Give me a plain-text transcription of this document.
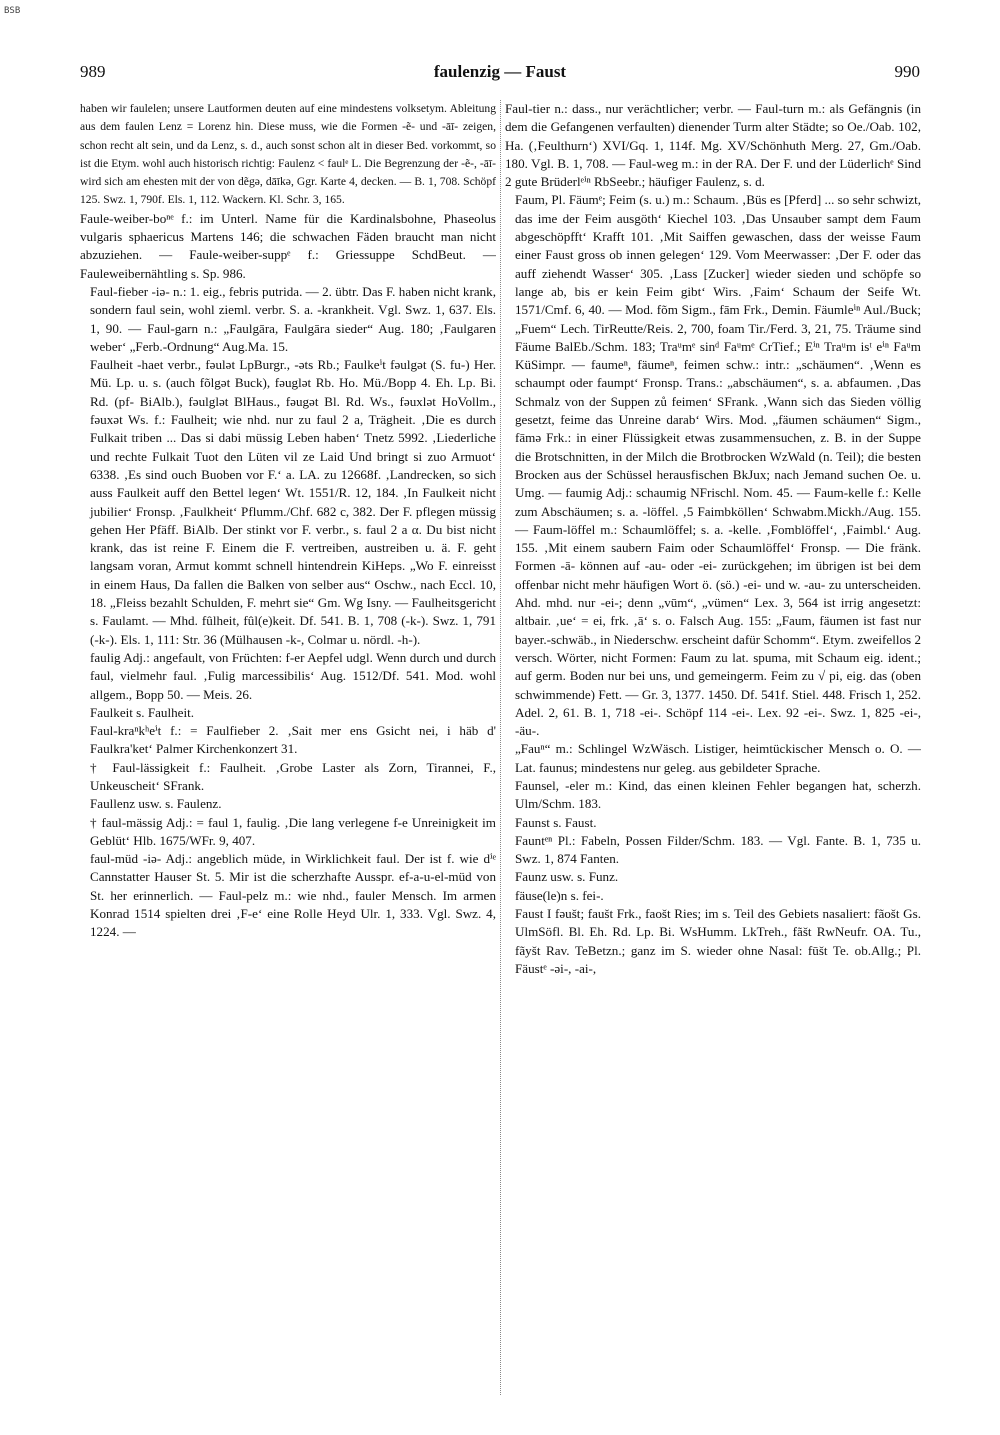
BSB
989	faulenzig — Faust	990

haben wir faulelen; unsere Lautformen deuten auf eine mindestens volksetym. Ableitung aus dem faulen Lenz = Lorenz hin. Diese muss, wie die Formen -ẽ- und -āī- zeigen, schon recht alt sein, und da Lenz, s. d., auch sonst schon alt in dieser Bed. vorkommt, so ist die Etym. wohl auch historisch richtig: Faulenz < faulᵉ L. Die Begrenzung der -ẽ-, -āī- wird sich am ehesten mit der von dẽgə, dāīkə, Ggr. Karte 4, decken. — B. 1, 708. Schöpf 125. Swz. 1, 790f. Els. 1, 112. Wackern. Kl. Schr. 3, 165.

Faule-weiber-boⁿᵉ f.: im Unterl. Name für die Kardinalsbohne, Phaseolus vulgaris sphaericus Martens 146; die schwachen Fäden braucht man nicht abzuziehen. — Faule-weiber-suppᵉ f.: Griessuppe SchdBeut. — Fauleweibernähtling s. Sp. 986.

Faul-fieber -iə- n.: 1. eig., febris putrida. — 2. übtr. Das F. haben nicht krank, sondern faul sein, wohl zieml. verbr. S. a. -krankheit. Vgl. Swz. 1, 637. Els. 1, 90. — Faul-garn n.: „Faulgāra, Faulgāra sieder“ Aug. 180; ‚Faulgaren weber‘ „Ferb.-Ordnung“ Aug.Ma. 15.

Faulheit -haet verbr., fəulət LpBurgr., -əts Rb.; Faulkeⁱt fəulgət (S. fu-) Her. Mü. Lp. u. s. (auch fõlgət Buck), fəuglət Rb. Ho. Mü./Bopp 4. Eh. Lp. Bi. Rd. (pf- BiAlb.), fəulglət BlHaus., fəugət Bl. Rd. Ws., fəuxlət HoVollm., fəuxət Ws. f.: Faulheit; wie nhd. nur zu faul 2 a, Trägheit. ‚Die es durch Fulkait triben ... Das si dabi müssig Leben haben‘ Tnetz 5992. ‚Liederliche und rechte Fulkait Tuot den Lüten vil ze Laid Und bringt si zuo Armuot‘ 6338. ‚Es sind ouch Buoben vor F.‘ a. LA. zu 12668f. ‚Landrecken, so sich auss Faulkeit auff den Bettel legen‘ Wt. 1551/R. 12, 184. ‚In Faulkeit nicht jubilier‘ Fronsp. ‚Faulkheit‘ Pflumm./Chf. 682 c, 382. Der F. pflegen müssig gehen Her Pfäff. BiAlb. Der stinkt vor F. verbr., s. faul 2 a α. Du bist nicht krank, das ist reine F. Einem die F. vertreiben, austreiben u. ä. F. geht langsam voran, Armut kommt schnell hintendrein KiHeps. „Wo F. einreisst in einem Haus, Da fallen die Balken von selber aus“ Oschw., nach Eccl. 10, 18. „Fleiss bezahlt Schulden, F. mehrt sie“ Gm. Wg Isny. — Faulheitsgericht s. Faulamt. — Mhd. fûlheit, fûl(e)keit. Df. 541. B. 1, 708 (-k-). Swz. 1, 791 (-k-). Els. 1, 111: Str. 36 (Mülhausen -k-, Colmar u. nördl. -h-).

faulig Adj.: angefault, von Früchten: f-er Aepfel udgl. Wenn durch und durch faul, vielmehr faul. ‚Fulig marcessibilis‘ Aug. 1512/Df. 541. Mod. wohl allgem., Bopp 50. — Meis. 26.

Faulkeit s. Faulheit.

Faul-kraⁿkʰeⁱt f.: = Faulfieber 2. ‚Sait mer ens Gsicht nei, i häb d' Faulkra'ket‘ Palmer Kirchenkonzert 31.

† Faul-lässigkeit f.: Faulheit. ‚Grobe Laster als Zorn, Tirannei, F., Unkeuscheit‘ SFrank.

Faullenz usw. s. Faulenz.

† faul-mässig Adj.: = faul 1, faulig. ‚Die lang verlegene f-e Unreinigkeit im Geblüt‘ Hlb. 1675/WFr. 9, 407.

faul-müd -iə- Adj.: angeblich müde, in Wirklichkeit faul. Der ist f. wie dⁱᵉ Cannstatter Hauser St. 5. Mir ist die scherzhafte Ausspr. ef-a-u-el-müd von St. her erinnerlich. — Faul-pelz m.: wie nhd., fauler Mensch. Im armen Konrad 1514 spielten drei ‚F-e‘ eine Rolle Heyd Ulr. 1, 333. Vgl. Swz. 4, 1224. —

Faul-tier n.: dass., nur verächtlicher; verbr. — Faul-turn m.: als Gefängnis (in dem die Gefangenen verfaulten) dienender Turm alter Städte; so Oe./Oab. 102, Ha. (‚Feulthurn‘) XVI/Gq. 1, 114f. Mg. XV/Schönhuth Merg. 27, Gm./Oab. 180. Vgl. B. 1, 708. — Faul-weg m.: in der RA. Der F. und der Lüderlichᵉ Sind 2 gute Brüderlᵉⁱⁿ RbSeebr.; häufiger Faulenz, s. d.

Faum, Pl. Fäumᵉ; Feim (s. u.) m.: Schaum. ‚Büs es [Pferd] ... so sehr schwizt, das ime der Feim ausgöth‘ Kiechel 103. ‚Das Unsauber sampt dem Faum abgeschöpfft‘ Krafft 101. ‚Mit Saiffen gewaschen, dass der weisse Faum einer Faust gross ob innen gelegen‘ 129. Vom Meerwasser: ‚Der F. oder das auff ziehendt Wasser‘ 305. ‚Lass [Zucker] wieder sieden und schöpfe so lange ab, bis er kein Feim gibt‘ Wirs. ‚Faim‘ Schaum der Seife Wt. 1571/Cmf. 6, 40. — Mod. fõm Sigm., fām Frk., Demin. Fäumleⁱⁿ Aul./Buck; „Fuem“ Lech. TirReutte/Reis. 2, 700, foam Tir./Ferd. 3, 21, 75. Träume sind Fäume BalEb./Schm. 183; Traᵘmᵉ sinᵈ Faᵘmᵉ CrTief.; Eⁱⁿ Traᵘm isᵗ eⁱⁿ Faᵘm KüSimpr. — faumeⁿ, fäumeⁿ, feimen schw.: intr.: „schäumen“. ‚Wenn es schaumpt oder faumpt‘ Fronsp. Trans.: „abschäumen“, s. a. abfaumen. ‚Das Schmalz von der Suppen zů feimen‘ SFrank. ‚Wann sich das Sieden völlig gesetzt, feime das Unreine darab‘ Wirs. Mod. „fäumen schäumen“ Sigm., fāmə Frk.: in einer Flüssigkeit etwas zusammensuchen, z. B. in der Suppe die Brotschnitten, in der Milch die Brotbrocken WzWald (n. Teil); die besten Brocken aus der Schüssel herausfischen BkJux; nach Jemand suchen Oe. u. Umg. — faumig Adj.: schaumig NFrischl. Nom. 45. — Faum-kelle f.: Kelle zum Abschäumen; s. a. -löffel. ‚5 Faimbköllen‘ Schwabm.Mickh./Aug. 155. — Faum-löffel m.: Schaumlöffel; s. a. -kelle. ‚Fomblöffel‘, ‚Faimbl.‘ Aug. 155. ‚Mit einem saubern Faim oder Schaumlöffel‘ Fronsp. — Die fränk. Formen -ā- können auf -au- oder -ei- zurückgehen; im übrigen ist bei dem offenbar nicht mehr häufigen Wort ö. (sö.) -ei- und w. -au- zu unterscheiden. Ahd. mhd. nur -ei-; denn „vūm“, „vümen“ Lex. 3, 564 ist irrig angesetzt: altbair. ‚ue‘ = ei, frk. ‚ā‘ s. o. Falsch Aug. 155: „Faum, fäumen ist fast nur bayer.-schwäb., in Niederschw. erscheint dafür Schomm“. Etym. zweifellos 2 versch. Wörter, nicht Formen: Faum zu lat. spuma, mit Schaum eig. ident.; auf germ. Boden nur bei uns, und gemeingerm. Feim zu √ pi, eig. das (oben schwimmende) Fett. — Gr. 3, 1377. 1450. Df. 541f. Stiel. 448. Frisch 1, 252. Adel. 2, 61. B. 1, 718 -ei-. Schöpf 114 -ei-. Lex. 92 -ei-. Swz. 1, 825 -ei-, -äu-.

„Fauⁿ“ m.: Schlingel WzWäsch. Listiger, heimtückischer Mensch o. O. — Lat. faunus; mindestens nur geleg. aus gebildeter Sprache.

Faunsel, -eler m.: Kind, das einen kleinen Fehler begangen hat, scherzh. Ulm/Schm. 183.

Faunst s. Faust.

Fauntᵉⁿ Pl.: Fabeln, Possen Filder/Schm. 183. — Vgl. Fante. B. 1, 735 u. Swz. 1, 874 Fanten.

Faunz usw. s. Funz.

fäuse(le)n s. fei-.

Faust I fəušt; faušt Frk., faošt Ries; im s. Teil des Gebiets nasaliert: fãošt Gs. UlmSöfl. Bl. Eh. Rd. Lp. Bi. WsHumm. LkTreh., fãšt RwNeufr. OA. Tu., fãyšt Rav. TeBetzn.; ganz im S. wieder ohne Nasal: fūšt Te. ob.Allg.; Pl. Fäustᵉ -əi-, -ai-,
